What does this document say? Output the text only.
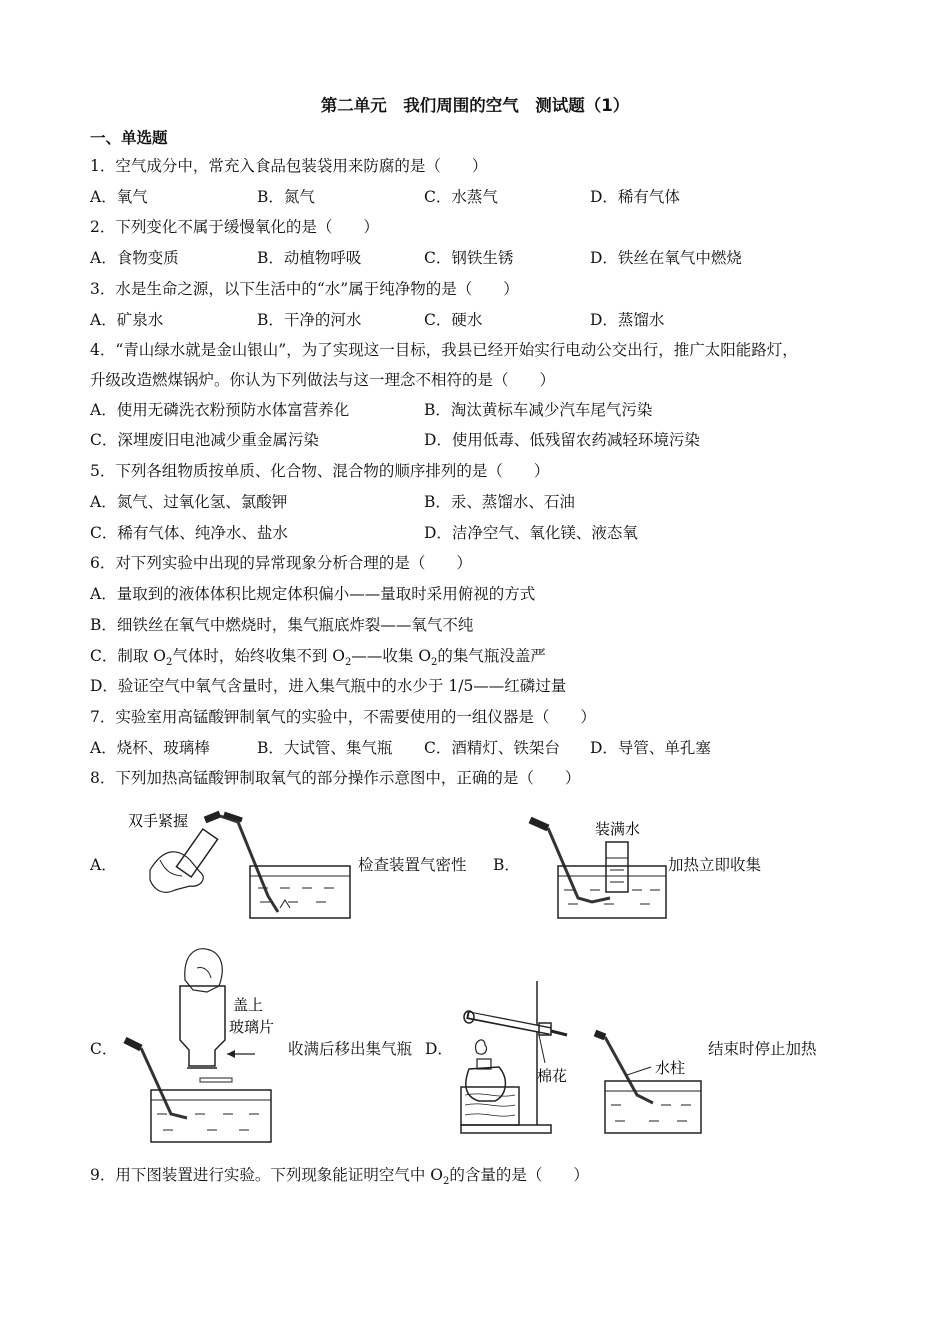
第二单元　我们周围的空气　测试题（1）
一、单选题
1．空气成分中，常充入食品包装袋用来防腐的是（　　）
A．氧气	B．氮气	C．水蒸气	D．稀有气体
2．下列变化不属于缓慢氧化的是（　　）
A．食物变质	B．动植物呼吸	C．钢铁生锈	D．铁丝在氧气中燃烧
3．水是生命之源，以下生活中的“水”属于纯净物的是（　　）
A．矿泉水	B．干净的河水	C．硬水	D．蒸馏水
4．“青山绿水就是金山银山”，为了实现这一目标，我县已经开始实行电动公交出行，推广太阳能路灯，
升级改造燃煤锅炉。你认为下列做法与这一理念不相符的是（　　）
A．使用无磷洗衣粉预防水体富营养化	B．淘汰黄标车减少汽车尾气污染
C．深埋废旧电池减少重金属污染	D．使用低毒、低残留农药减轻环境污染
5．下列各组物质按单质、化合物、混合物的顺序排列的是（　　）
A．氮气、过氧化氢、氯酸钾	B．汞、蒸馏水、石油
C．稀有气体、纯净水、盐水	D．洁净空气、氧化镁、液态氧
6．对下列实验中出现的异常现象分析合理的是（　　）
A．量取到的液体体积比规定体积偏小——量取时采用俯视的方式
B．细铁丝在氧气中燃烧时，集气瓶底炸裂——氧气不纯
C．制取 $O_2$气体时，始终收集不到 $O_2——$收集 $O_2$的集气瓶没盖严
D．验证空气中氧气含量时，进入集气瓶中的水少于 1/5——红磷过量
7．实验室用高锰酸钾制氧气的实验中，不需要使用的一组仪器是（　　）
A．烧杯、玻璃棒	B．大试管、集气瓶 C．酒精灯、铁架台 D．导管、单孔塞
8．下列加热高锰酸钾制取氧气的部分操作示意图中，正确的是（　　）
A．
双手紧握
检查装置气密性 B．
装满水
加热立即收集
C．
盖上
玻璃片
收满后移出集气瓶 D．
棉花	水柱
结束时停止加热
9．用下图装置进行实验。下列现象能证明空气中 $O_2$的含量的是（　　）
